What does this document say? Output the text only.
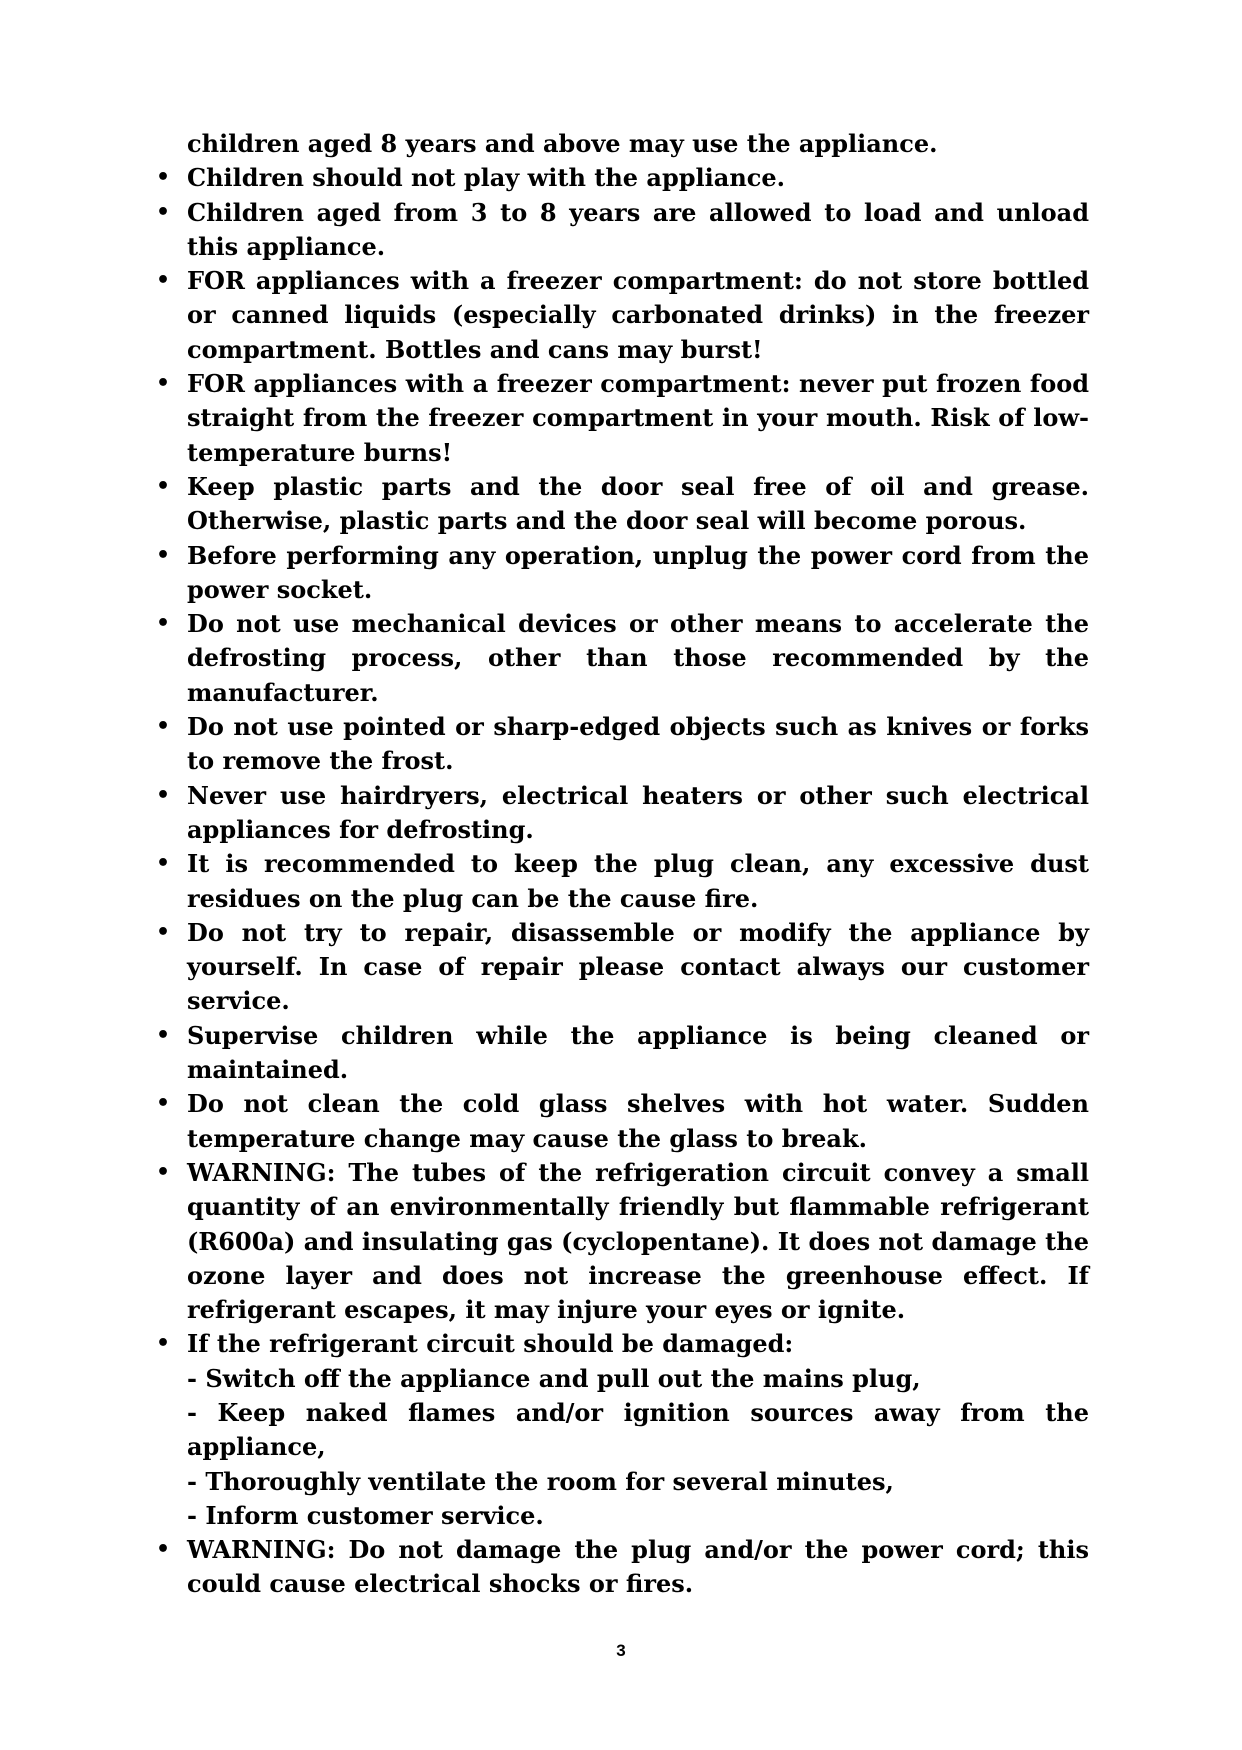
children aged 8 years and above may use the appliance.

• Children should not play with the appliance.
• Children aged from 3 to 8 years are allowed to load and unload this appliance.
• FOR appliances with a freezer compartment: do not store bottled or canned liquids (especially carbonated drinks) in the freezer compartment. Bottles and cans may burst!
• FOR appliances with a freezer compartment: never put frozen food straight from the freezer compartment in your mouth. Risk of low-temperature burns!
• Keep plastic parts and the door seal free of oil and grease. Otherwise, plastic parts and the door seal will become porous.
• Before performing any operation, unplug the power cord from the power socket.
• Do not use mechanical devices or other means to accelerate the defrosting process, other than those recommended by the manufacturer.
• Do not use pointed or sharp-edged objects such as knives or forks to remove the frost.
• Never use hairdryers, electrical heaters or other such electrical appliances for defrosting.
• It is recommended to keep the plug clean, any excessive dust residues on the plug can be the cause fire.
• Do not try to repair, disassemble or modify the appliance by yourself. In case of repair please contact always our customer service.
• Supervise children while the appliance is being cleaned or maintained.
• Do not clean the cold glass shelves with hot water. Sudden temperature change may cause the glass to break.
• WARNING: The tubes of the refrigeration circuit convey a small quantity of an environmentally friendly but flammable refrigerant (R600a) and insulating gas (cyclopentane). It does not damage the ozone layer and does not increase the greenhouse effect. If refrigerant escapes, it may injure your eyes or ignite.
• If the refrigerant circuit should be damaged:
- Switch off the appliance and pull out the mains plug,
- Keep naked flames and/or ignition sources away from the appliance,
- Thoroughly ventilate the room for several minutes,
- Inform customer service.
• WARNING: Do not damage the plug and/or the power cord; this could cause electrical shocks or fires.
3
